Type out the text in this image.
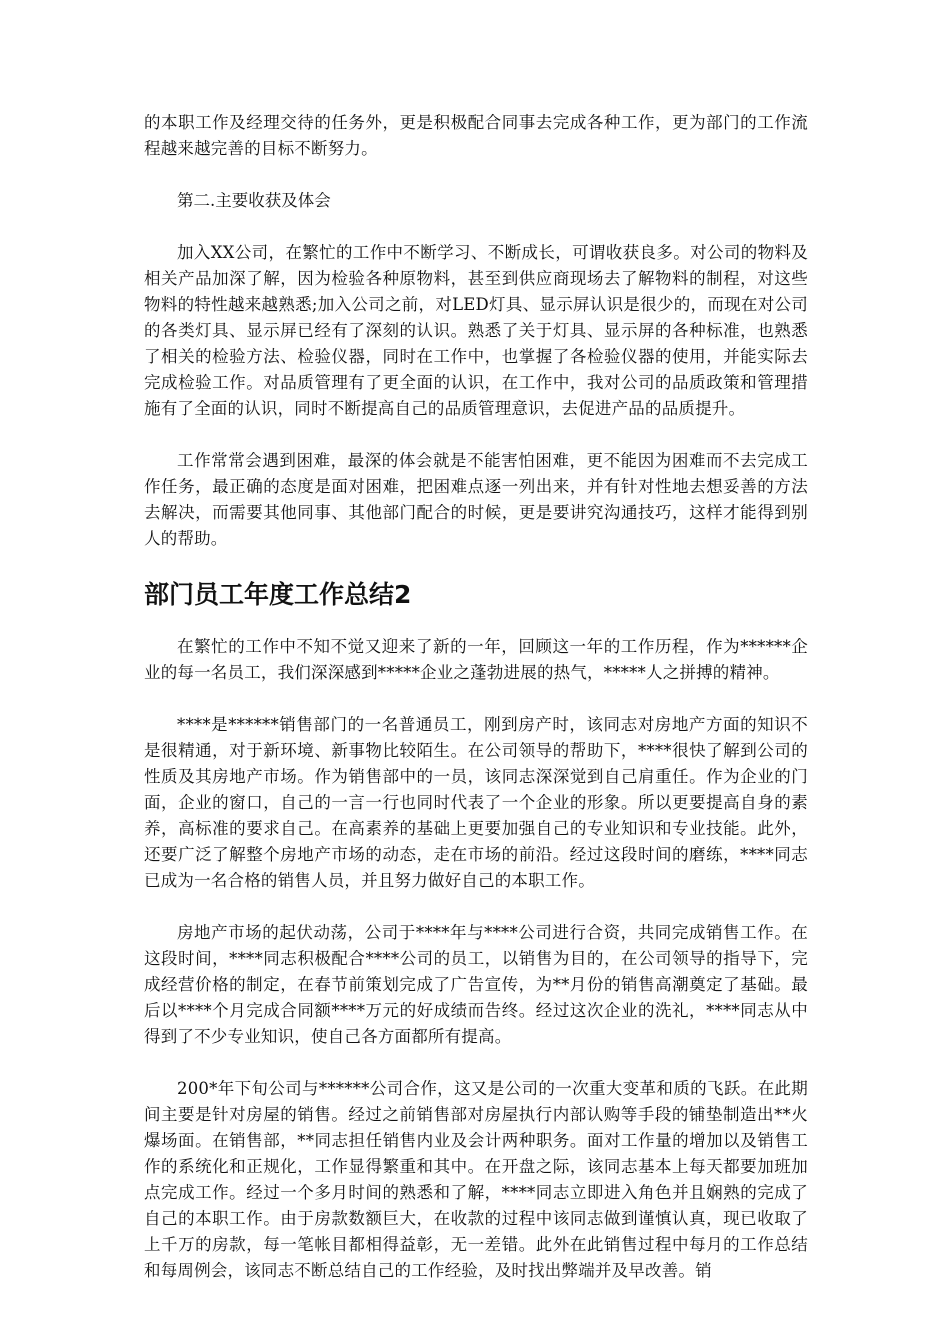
的本职工作及经理交待的任务外，更是积极配合同事去完成各种工作，更为部门的工作流程越来越完善的目标不断努力。

第二.主要收获及体会

加入XX公司，在繁忙的工作中不断学习、不断成长，可谓收获良多。对公司的物料及相关产品加深了解，因为检验各种原物料，甚至到供应商现场去了解物料的制程，对这些物料的特性越来越熟悉;加入公司之前，对LED灯具、显示屏认识是很少的，而现在对公司的各类灯具、显示屏已经有了深刻的认识。熟悉了关于灯具、显示屏的各种标准，也熟悉了相关的检验方法、检验仪器，同时在工作中，也掌握了各检验仪器的使用，并能实际去完成检验工作。对品质管理有了更全面的认识，在工作中，我对公司的品质政策和管理措施有了全面的认识，同时不断提高自己的品质管理意识，去促进产品的品质提升。

工作常常会遇到困难，最深的体会就是不能害怕困难，更不能因为困难而不去完成工作任务，最正确的态度是面对困难，把困难点逐一列出来，并有针对性地去想妥善的方法去解决，而需要其他同事、其他部门配合的时候，更是要讲究沟通技巧，这样才能得到别人的帮助。

部门员工年度工作总结2

在繁忙的工作中不知不觉又迎来了新的一年，回顾这一年的工作历程，作为******企业的每一名员工，我们深深感到*****企业之蓬勃进展的热气，*****人之拼搏的精神。

****是******销售部门的一名普通员工，刚到房产时，该同志对房地产方面的知识不是很精通，对于新环境、新事物比较陌生。在公司领导的帮助下，****很快了解到公司的性质及其房地产市场。作为销售部中的一员，该同志深深觉到自己肩重任。作为企业的门面，企业的窗口，自己的一言一行也同时代表了一个企业的形象。所以更要提高自身的素养，高标准的要求自己。在高素养的基础上更要加强自己的专业知识和专业技能。此外，还要广泛了解整个房地产市场的动态，走在市场的前沿。经过这段时间的磨练，****同志已成为一名合格的销售人员，并且努力做好自己的本职工作。

房地产市场的起伏动荡，公司于****年与****公司进行合资，共同完成销售工作。在这段时间，****同志积极配合****公司的员工，以销售为目的，在公司领导的指导下，完成经营价格的制定，在春节前策划完成了广告宣传，为**月份的销售高潮奠定了基础。最后以****个月完成合同额****万元的好成绩而告终。经过这次企业的洗礼，****同志从中得到了不少专业知识，使自己各方面都所有提高。

200*年下旬公司与******公司合作，这又是公司的一次重大变革和质的飞跃。在此期间主要是针对房屋的销售。经过之前销售部对房屋执行内部认购等手段的铺垫制造出**火爆场面。在销售部，**同志担任销售内业及会计两种职务。面对工作量的增加以及销售工作的系统化和正规化，工作显得繁重和其中。在开盘之际，该同志基本上每天都要加班加点完成工作。经过一个多月时间的熟悉和了解，****同志立即进入角色并且娴熟的完成了自己的本职工作。由于房款数额巨大，在收款的过程中该同志做到谨慎认真，现已收取了上千万的房款，每一笔帐目都相得益彰，无一差错。此外在此销售过程中每月的工作总结和每周例会，该同志不断总结自己的工作经验，及时找出弊端并及早改善。销
